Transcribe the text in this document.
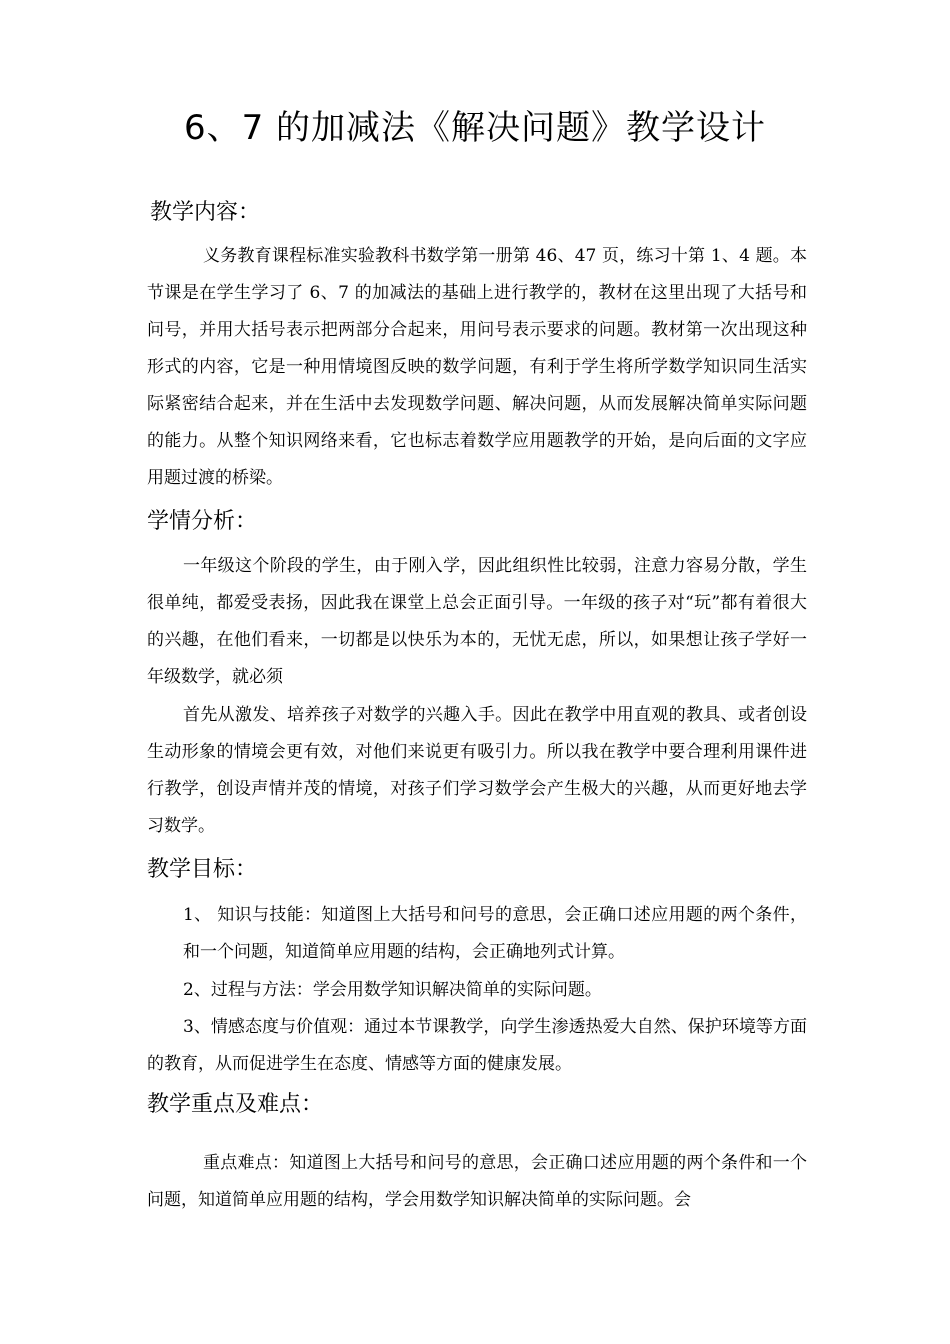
6、7 的加减法《解决问题》教学设计
教学内容：

义务教育课程标准实验教科书数学第一册第 46、47 页，练习十第 1、4 题。本节课是在学生学习了 6、7 的加减法的基础上进行教学的，教材在这里出现了大括号和问号，并用大括号表示把两部分合起来，用问号表示要求的问题。教材第一次出现这种形式的内容，它是一种用情境图反映的数学问题，有利于学生将所学数学知识同生活实际紧密结合起来，并在生活中去发现数学问题、解决问题，从而发展解决简单实际问题的能力。从整个知识网络来看，它也标志着数学应用题教学的开始，是向后面的文字应用题过渡的桥梁。

学情分析：

一年级这个阶段的学生，由于刚入学，因此组织性比较弱，注意力容易分散，学生很单纯，都爱受表扬，因此我在课堂上总会正面引导。一年级的孩子对“玩”都有着很大的兴趣，在他们看来，一切都是以快乐为本的，无忧无虑，所以，如果想让孩子学好一年级数学，就必须

首先从激发、培养孩子对数学的兴趣入手。因此在教学中用直观的教具、或者创设生动形象的情境会更有效，对他们来说更有吸引力。所以我在教学中要合理利用课件进行教学，创设声情并茂的情境，对孩子们学习数学会产生极大的兴趣，从而更好地去学习数学。

教学目标：

1、 知识与技能：知道图上大括号和问号的意思，会正确口述应用题的两个条件，和一个问题，知道简单应用题的结构，会正确地列式计算。

2、过程与方法：学会用数学知识解决简单的实际问题。

3、情感态度与价值观：通过本节课教学，向学生渗透热爱大自然、保护环境等方面的教育，从而促进学生在态度、情感等方面的健康发展。

教学重点及难点：

重点难点：知道图上大括号和问号的意思，会正确口述应用题的两个条件和一个问题，知道简单应用题的结构，学会用数学知识解决简单的实际问题。会
